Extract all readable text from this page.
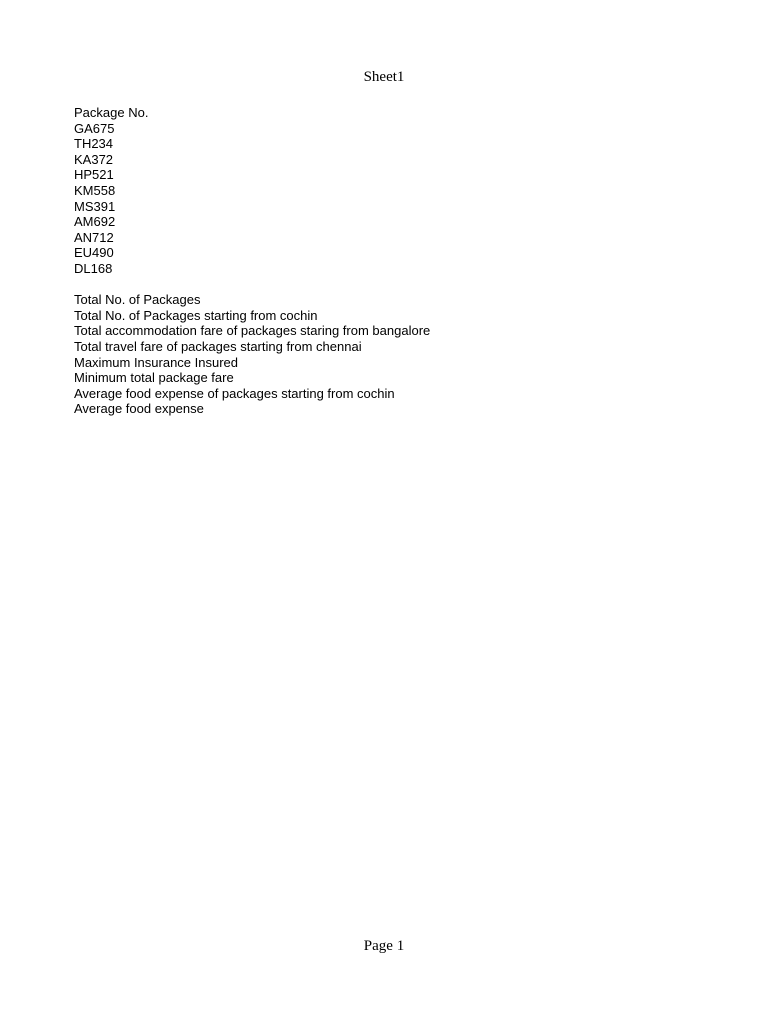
Sheet1
Package No.
GA675
TH234
KA372
HP521
KM558
MS391
AM692
AN712
EU490
DL168
Total No. of Packages
Total No. of Packages starting from cochin
Total accommodation fare of packages staring from bangalore
Total travel fare of packages starting from chennai
Maximum Insurance Insured
Minimum total package fare
Average food expense of packages starting from cochin
Average food expense
Page 1
